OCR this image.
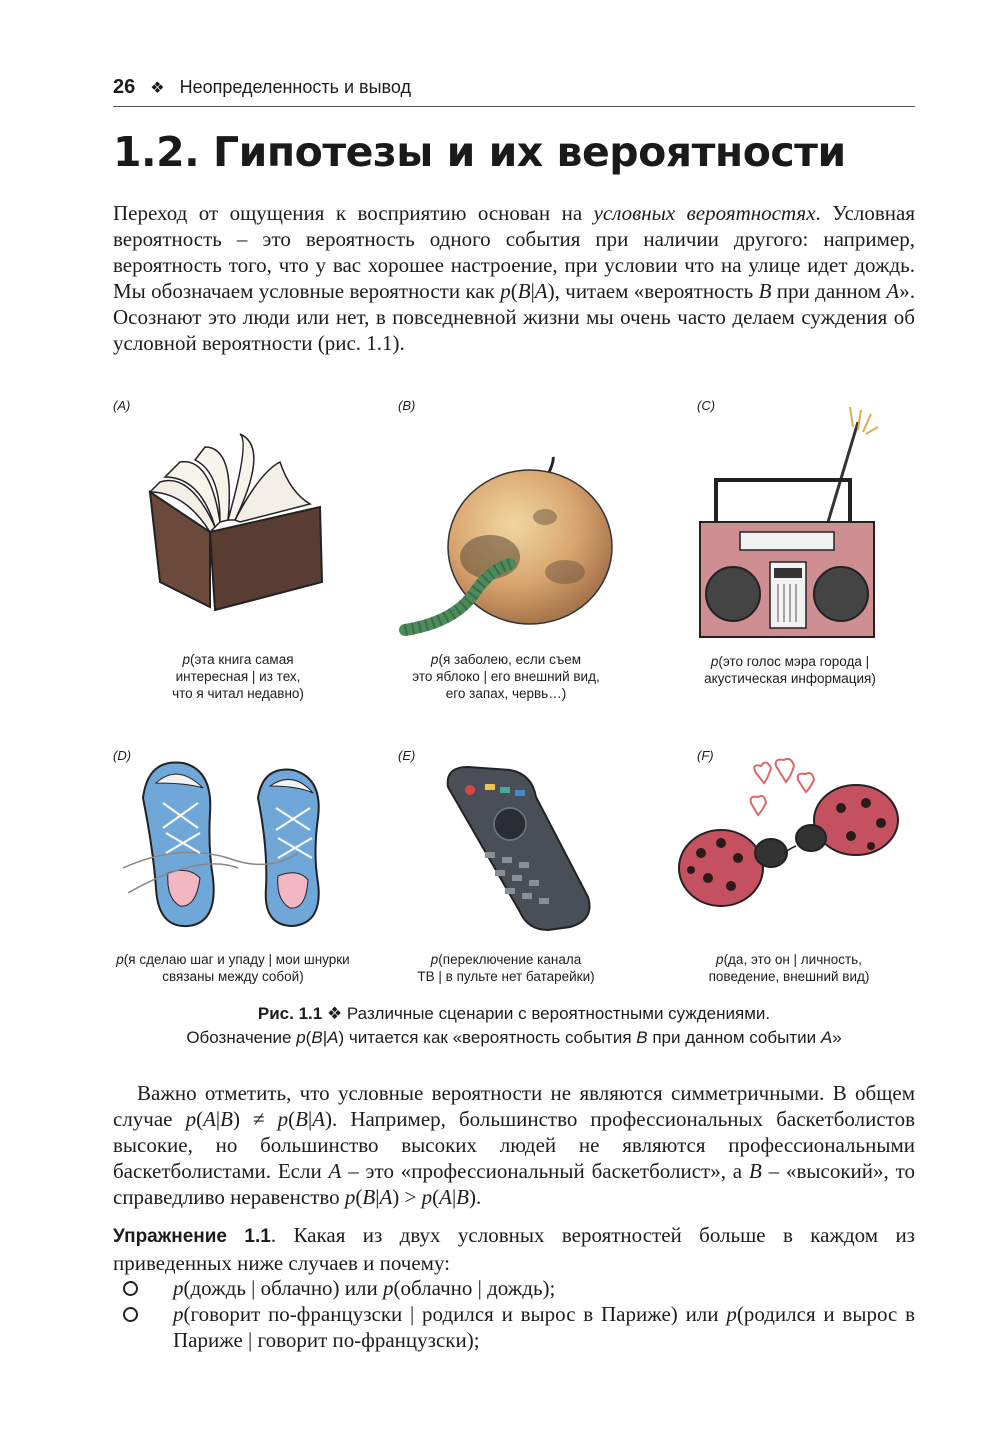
26 ❖ Неопределенность и вывод
1.2. Гипотезы и их вероятности

Переход от ощущения к восприятию основан на условных вероятностях. Условная вероятность – это вероятность одного события при наличии другого: например, вероятность того, что у вас хорошее настроение, при условии что на улице идет дождь. Мы обозначаем условные вероятности как p(B|A), читаем «вероятность B при данном A». Осознают это люди или нет, в повседневной жизни мы очень часто делаем суждения об условной вероятности (рис. 1.1).

(A)	(B)	(C)
(D)	(E)	(F)
p(эта книга самая
интересная | из тех,
что я читал недавно)
p(я заболею, если съем
это яблоко | его внешний вид,
его запах, червь…)
p(это голос мэра города |
акустическая информация)
p(я сделаю шаг и упаду | мои шнурки
связаны между собой)
p(переключение канала
ТВ | в пульте нет батарейки)
p(да, это он | личность,
поведение, внешний вид)
Рис. 1.1 ❖ Различные сценарии с вероятностными суждениями.
Обозначение p(B|A) читается как «вероятность события B при данном событии A»

Важно отметить, что условные вероятности не являются симметричными. В общем случае p(A|B) ≠ p(B|A). Например, большинство профессиональных баскетболистов высокие, но большинство высоких людей не являются профессиональными баскетболистами. Если A – это «профессиональный баскетболист», а B – «высокий», то справедливо неравенство p(B|A) > p(A|B).

Упражнение 1.1. Какая из двух условных вероятностей больше в каждом из приведенных ниже случаев и почему:

p(дождь | облачно) или p(облачно | дождь);
p(говорит по-французски | родился и вырос в Париже) или p(родился и вырос в Париже | говорит по-французски);
